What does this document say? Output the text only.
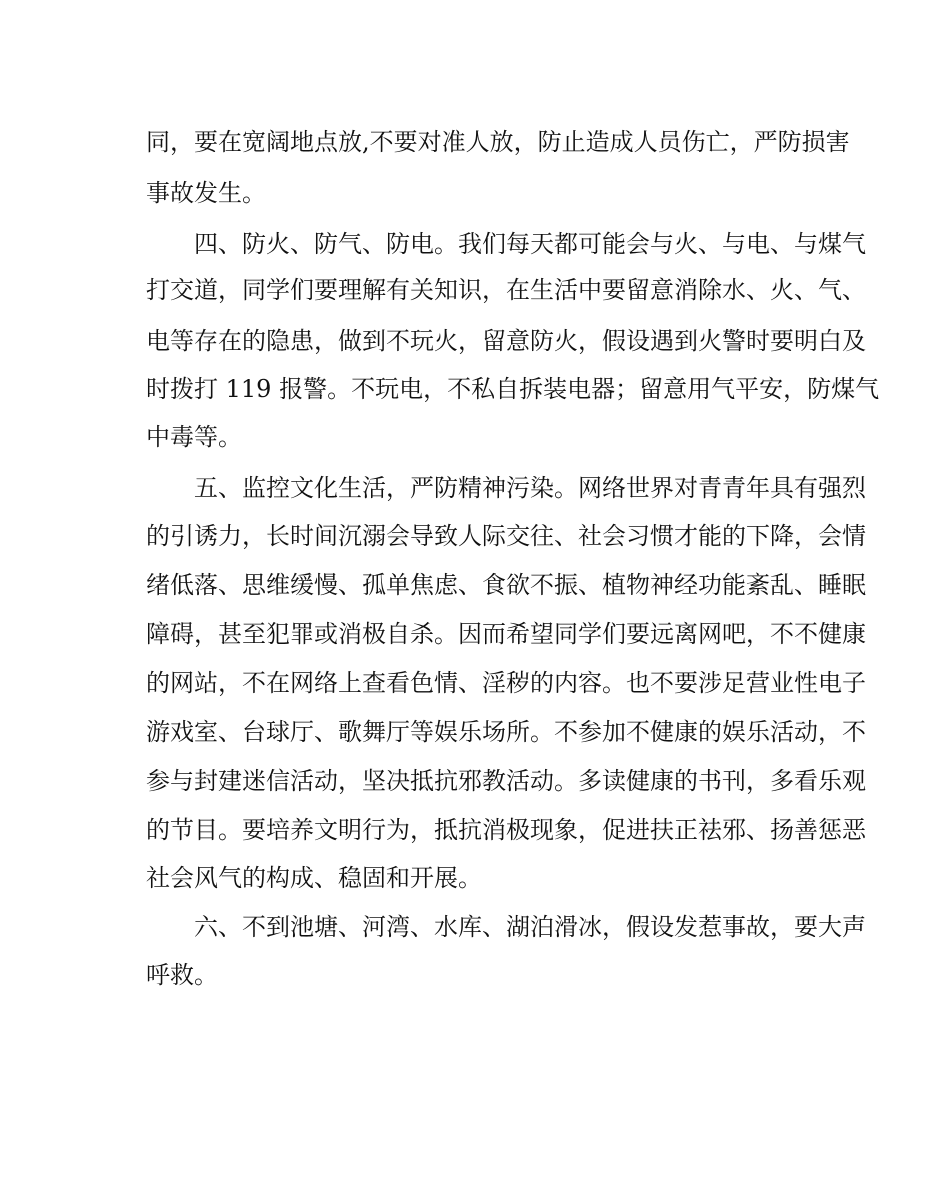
同，要在宽阔地点放,不要对准人放，防止造成人员伤亡，严防损害
事故发生。
四、防火、防气、防电。我们每天都可能会与火、与电、与煤气
打交道，同学们要理解有关知识，在生活中要留意消除水、火、气、
电等存在的隐患，做到不玩火，留意防火，假设遇到火警时要明白及
时拨打 119 报警。不玩电，不私自拆装电器；留意用气平安，防煤气
中毒等。
五、监控文化生活，严防精神污染。网络世界对青青年具有强烈
的引诱力，长时间沉溺会导致人际交往、社会习惯才能的下降，会情
绪低落、思维缓慢、孤单焦虑、食欲不振、植物神经功能紊乱、睡眠
障碍，甚至犯罪或消极自杀。因而希望同学们要远离网吧，不不健康
的网站，不在网络上查看色情、淫秽的内容。也不要涉足营业性电子
游戏室、台球厅、歌舞厅等娱乐场所。不参加不健康的娱乐活动，不
参与封建迷信活动，坚决抵抗邪教活动。多读健康的书刊，多看乐观
的节目。要培养文明行为，抵抗消极现象，促进扶正祛邪、扬善惩恶
社会风气的构成、稳固和开展。
六、不到池塘、河湾、水库、湖泊滑冰，假设发惹事故，要大声
呼救。
